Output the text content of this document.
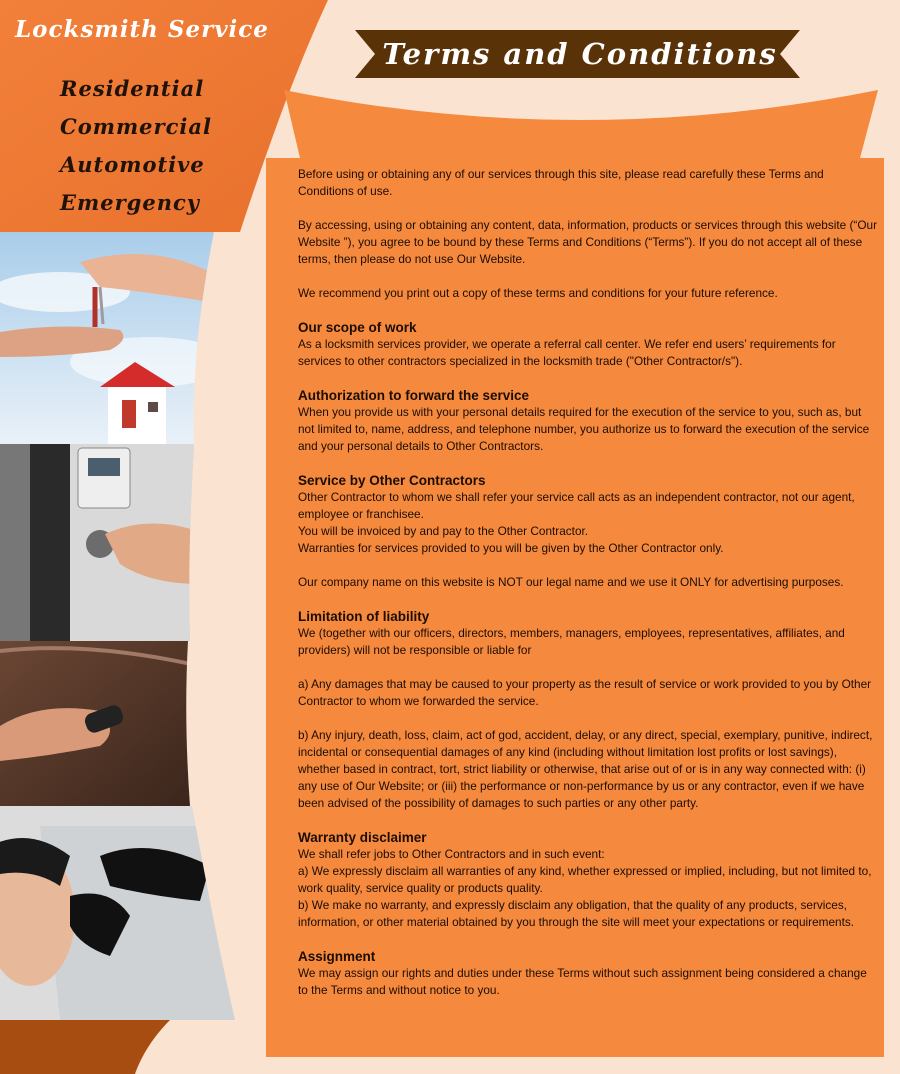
Locksmith Service
Residential
Commercial
Automotive
Emergency
Terms and Conditions

Before using or obtaining any of our services through this site, please read carefully these Terms and Conditions of use.

By accessing, using or obtaining any content, data, information, products or services through this website (“Our Website ”), you agree to be bound by these Terms and Conditions (“Terms”). If you do not accept all of these terms, then please do not use Our Website.

We recommend you print out a copy of these terms and conditions for your future reference.

Our scope of work

As a locksmith services provider, we operate a referral call center. We refer end users’ requirements for services to other contractors specialized in the locksmith trade ("Other Contractor/s").

Authorization to forward the service

When you provide us with your personal details required for the execution of the service to you, such as, but not limited to, name, address, and telephone number, you authorize us to forward the execution of the service and your personal details to Other Contractors.

Service by Other Contractors

Other Contractor to whom we shall refer your service call acts as an independent contractor, not our agent, employee or franchisee.

You will be invoiced by and pay to the Other Contractor.

Warranties for services provided to you will be given by the Other Contractor only.

Our company name on this website is NOT our legal name and we use it ONLY for advertising purposes.

Limitation of liability

We (together with our officers, directors, members, managers, employees, representatives, affiliates, and providers) will not be responsible or liable for

a) Any damages that may be caused to your property as the result of service or work provided to you by Other Contractor to whom we forwarded the service.

b) Any injury, death, loss, claim, act of god, accident, delay, or any direct, special, exemplary, punitive, indirect, incidental or consequential damages of any kind (including without limitation lost profits or lost savings), whether based in contract, tort, strict liability or otherwise, that arise out of or is in any way connected with: (i) any use of Our Website; or (iii) the performance or non-performance by us or any contractor, even if we have been advised of the possibility of damages to such parties or any other party.

Warranty disclaimer

We shall refer jobs to Other Contractors and in such event:

a) We expressly disclaim all warranties of any kind, whether expressed or implied, including, but not limited to, work quality, service quality or products quality.

b) We make no warranty, and expressly disclaim any obligation, that the quality of any products, services, information, or other material obtained by you through the site will meet your expectations or requirements.

Assignment

We may assign our rights and duties under these Terms without such assignment being considered a change to the Terms and without notice to you.
